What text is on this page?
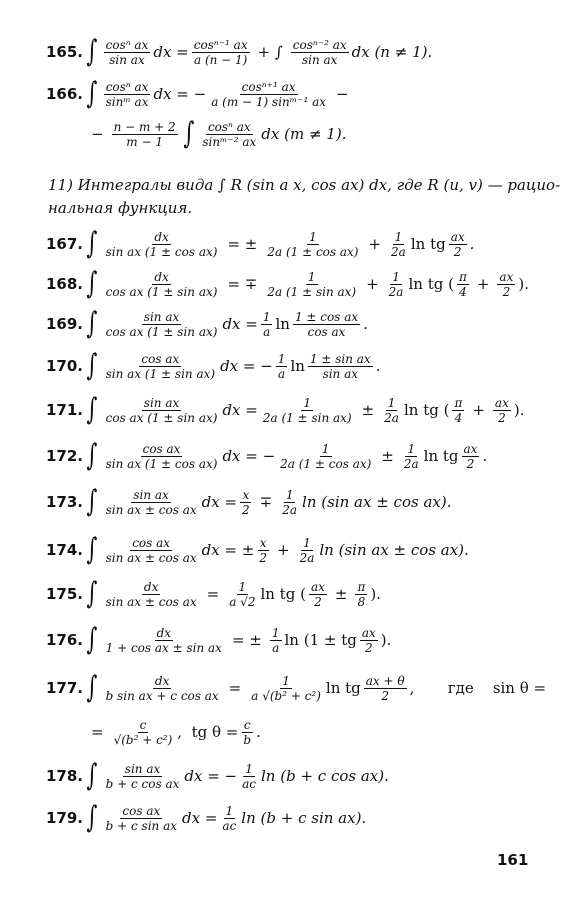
165. ∫ $\frac{\text{cosⁿ ax}}{\text{sin ax}}$ dx = $\frac{\text{cosⁿ⁻¹ ax}}{a (n - 1)}$ + ∫ $\frac{\text{cosⁿ⁻² ax}}{\text{sin ax}}$ dx (n ≠ 1).
166. ∫ $\frac{\text{cosⁿ ax}}{\text{sinᵐ ax}}$ dx = − $\frac{\text{cosⁿ⁺¹ ax}}{\text{a (m − 1) sinᵐ⁻¹ ax}}$ −
− $\frac{n - m + 2}{m - 1}$ ∫ $\frac{\text{cosⁿ ax}}{\text{sinᵐ⁻² ax}}$ dx (m ≠ 1).
11) Интегралы вида ∫ R (sin a x, cos ax) dx, где R (u, v) — рацио-
нальная функция.
167. ∫ $\frac{dx}{\text{sin ax (1 ± cos ax)}}$ = ± $\frac{1}{\text{2a (1 ± cos ax)}} + \frac{1}{2a}$ ln tg $\frac{ax}{2}$ .
168. ∫ $\frac{dx}{\text{cos ax (1 ± sin ax)}}$ = ∓ $\frac{1}{\text{2a (1 ± sin ax)}} + \frac{1}{2a}$ ln tg ( $\frac{\pi}{4} + \frac{ax}{2}$ ).
169. ∫ $\frac{\text{sin ax}}{\text{cos ax (1 ± sin ax)}}$ dx = $\frac{1}{a}$ $\ln \frac{\text{1 ± cos ax}}{\text{cos ax}}$ .
170. ∫ $\frac{\text{cos ax}}{\text{sin ax (1 ± sin ax)}}$ dx = − $\frac{1}{a}$ $\ln \frac{\text{1 ± sin ax}}{\text{sin ax}}$ .
171. ∫ $\frac{\text{sin ax}}{\text{cos ax (1 ± sin ax)}}$ dx = $\frac{1}{\text{2a (1 ± sin ax)}} \pm \frac{1}{2a}$ ln tg ( $\frac{\pi}{4} + \frac{ax}{2}$ ).
172. ∫ $\frac{\text{cos ax}}{\text{sin ax (1 ± cos ax)}}$ dx = − $\frac{1}{\text{2a (1 ± cos ax)}} \pm \frac{1}{2a}$ ln tg $\frac{ax}{2}$ .
173. ∫ $\frac{\text{sin ax}}{\text{sin ax ± cos ax}}$ dx = $\frac{x}{2} \mp \frac{1}{2a}$ ln (sin ax ± cos ax).
174. ∫ $\frac{\text{cos ax}}{\text{sin ax ± cos ax}}$ dx = ± $\frac{x}{2} + \frac{1}{2a}$ ln (sin ax ± cos ax).
175. ∫ $\frac{dx}{\text{sin ax ± cos ax}} = \frac{1}{a √2}$ ln tg ( $\frac{ax}{2} \pm \frac{\pi}{8}$ ).
176. ∫ $\frac{dx}{\text{1 + cos ax ± sin ax}}$ = ± $\frac{1}{a}$ ln (1 ± tg $\frac{ax}{2}$ ).
177. ∫ $\frac{dx}{\text{b sin ax + c cos ax}} = \frac{1}{\text{a √(b² + c²)}}$ ln tg $\frac{ax + \theta}{2}$ ,       где    sin θ =
= $\frac{c}{\text{√(b² + c²)}}$ ,  tg $\theta = \frac{c}{b}$ .
178. ∫ $\frac{\text{sin ax}}{\text{b + c cos ax}}$ dx = − $\frac{1}{ac}$ ln (b + c cos ax).
179. ∫ $\frac{\text{cos ax}}{\text{b + c sin ax}}$ dx = $\frac{1}{ac}$ ln (b + c sin ax).
161
